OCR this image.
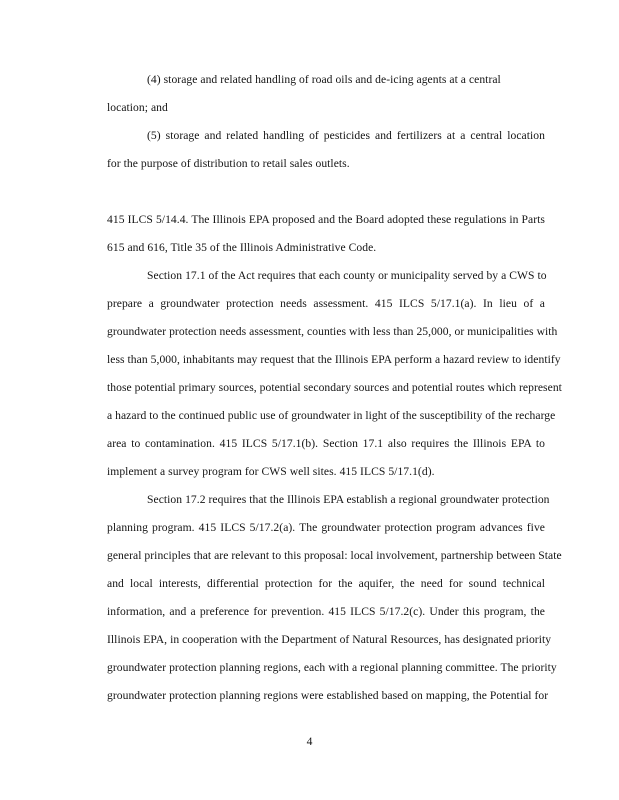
(4) storage and related handling of road oils and de-icing agents at a central
location; and
(5) storage and related handling of pesticides and fertilizers at a central location
for the purpose of distribution to retail sales outlets.
415 ILCS 5/14.4. The Illinois EPA proposed and the Board adopted these regulations in Parts
615 and 616, Title 35 of the Illinois Administrative Code.
Section 17.1 of the Act requires that each county or municipality served by a CWS to
prepare a groundwater protection needs assessment. 415 ILCS 5/17.1(a). In lieu of a
groundwater protection needs assessment, counties with less than 25,000, or municipalities with
less than 5,000, inhabitants may request that the Illinois EPA perform a hazard review to identify
those potential primary sources, potential secondary sources and potential routes which represent
a hazard to the continued public use of groundwater in light of the susceptibility of the recharge
area to contamination. 415 ILCS 5/17.1(b). Section 17.1 also requires the Illinois EPA to
implement a survey program for CWS well sites. 415 ILCS 5/17.1(d).
Section 17.2 requires that the Illinois EPA establish a regional groundwater protection
planning program. 415 ILCS 5/17.2(a). The groundwater protection program advances five
general principles that are relevant to this proposal: local involvement, partnership between State
and local interests, differential protection for the aquifer, the need for sound technical
information, and a preference for prevention. 415 ILCS 5/17.2(c). Under this program, the
Illinois EPA, in cooperation with the Department of Natural Resources, has designated priority
groundwater protection planning regions, each with a regional planning committee. The priority
groundwater protection planning regions were established based on mapping, the Potential for
4
